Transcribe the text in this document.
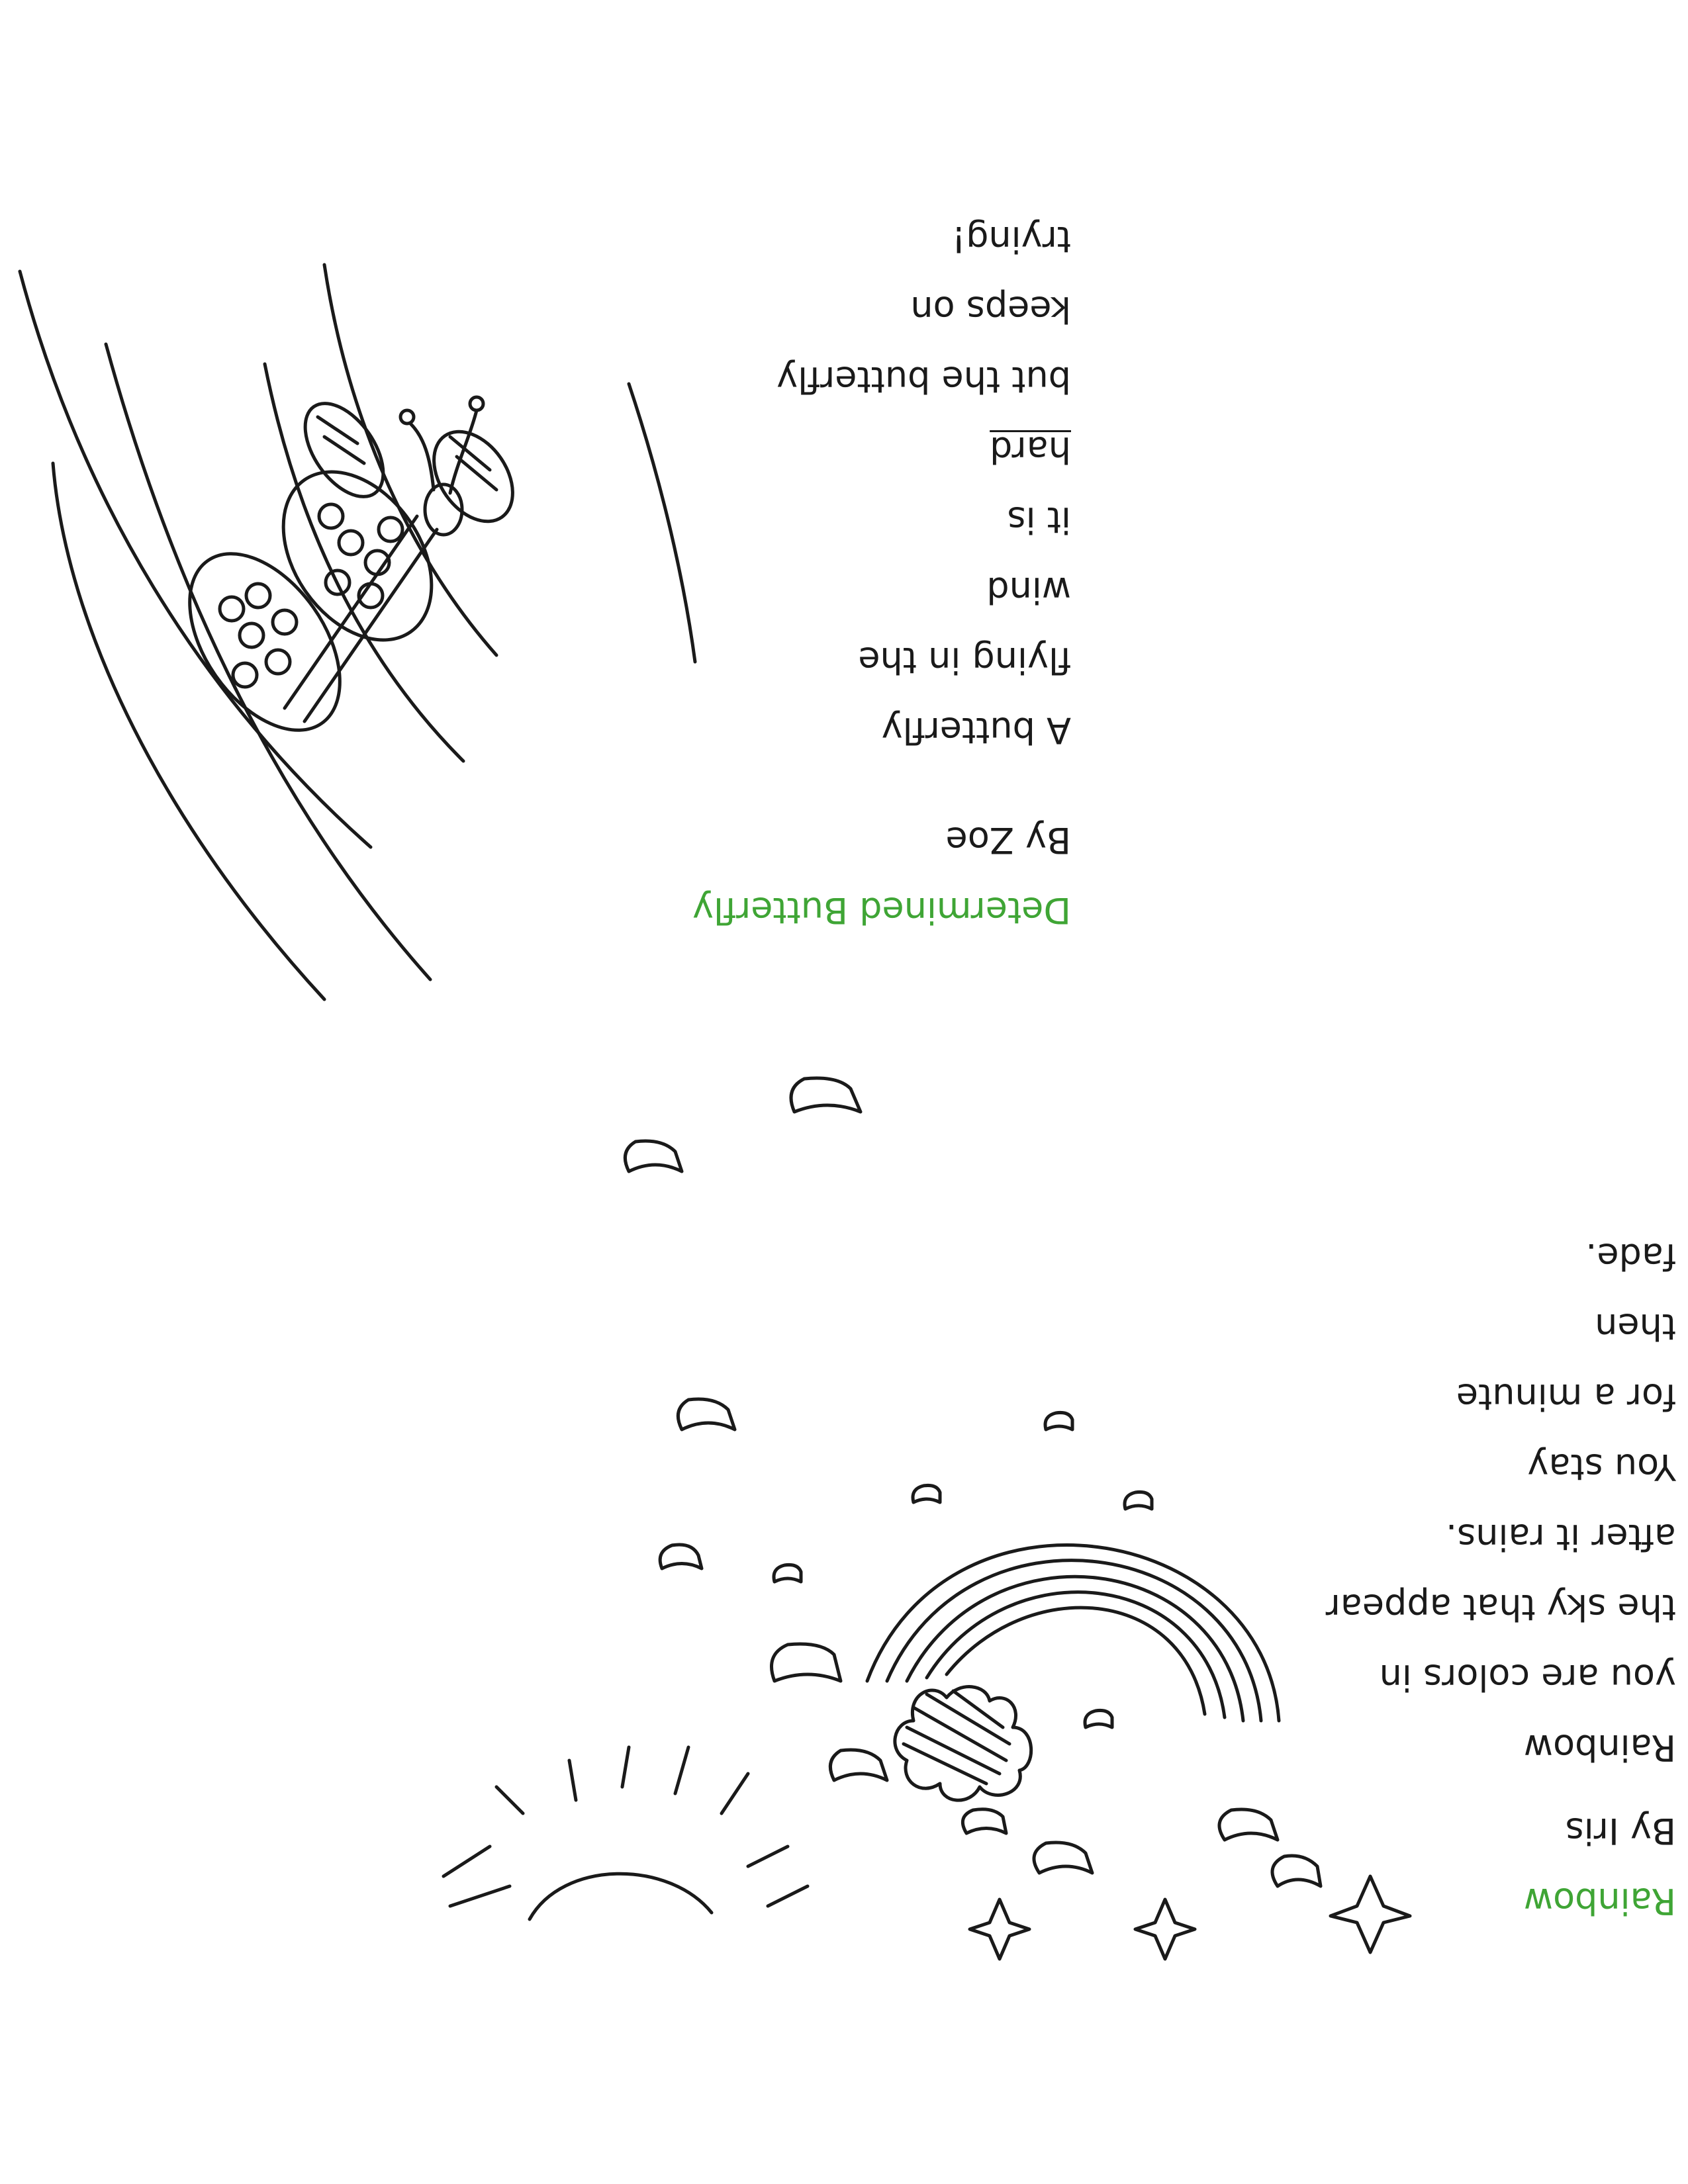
Determined Butterfly
By Zoe
A butterfly
flying in the
wind
it is
hard
but the butterfly
keeps on
trying!
Rainbow
By Iris
Rainbow
you are colors in
the sky that appear
after it rains.
You stay
for a minute
then
fade.
